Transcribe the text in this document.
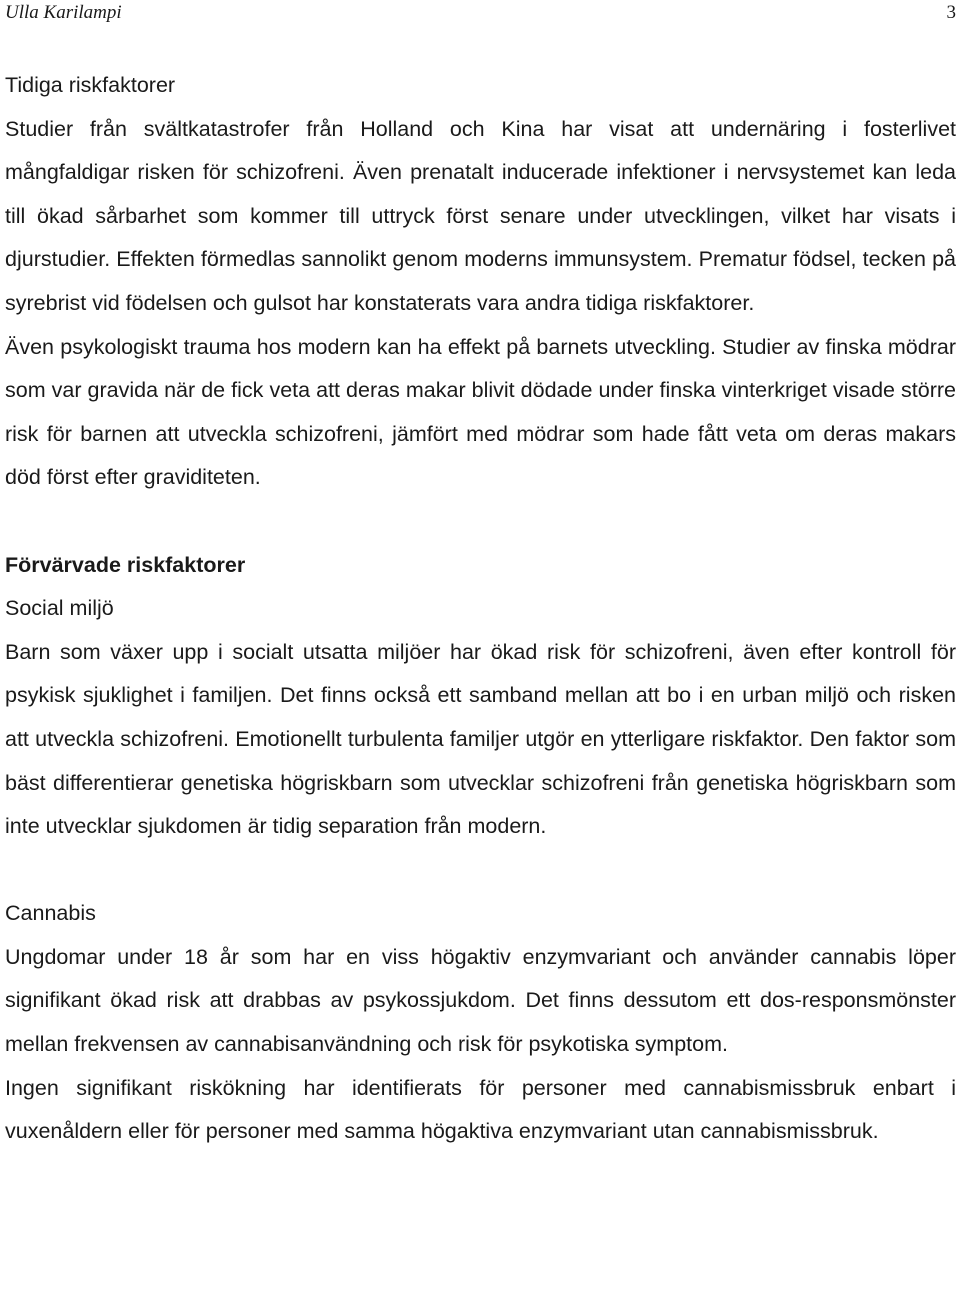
Ulla Karilampi	3

Tidiga riskfaktorer

Studier från svältkatastrofer från Holland och Kina har visat att undernäring i fosterlivet mångfaldigar risken för schizofreni. Även prenatalt inducerade infektioner i nervsystemet kan leda till ökad sårbarhet som kommer till uttryck först senare under utvecklingen, vilket har visats i djurstudier. Effekten förmedlas sannolikt genom moderns immunsystem. Prematur födsel, tecken på syrebrist vid födelsen och gulsot har konstaterats vara andra tidiga riskfaktorer.

Även psykologiskt trauma hos modern kan ha effekt på barnets utveckling. Studier av finska mödrar som var gravida när de fick veta att deras makar blivit dödade under finska vinterkriget visade större risk för barnen att utveckla schizofreni, jämfört med mödrar som hade fått veta om deras makars död först efter graviditeten.

Förvärvade riskfaktorer

Social miljö

Barn som växer upp i socialt utsatta miljöer har ökad risk för schizofreni, även efter kontroll för psykisk sjuklighet i familjen. Det finns också ett samband mellan att bo i en urban miljö och risken att utveckla schizofreni. Emotionellt turbulenta familjer utgör en ytterligare riskfaktor. Den faktor som bäst differentierar genetiska högriskbarn som utvecklar schizofreni från genetiska högriskbarn som inte utvecklar sjukdomen är tidig separation från modern.

Cannabis

Ungdomar under 18 år som har en viss högaktiv enzymvariant och använder cannabis löper signifikant ökad risk att drabbas av psykossjukdom. Det finns dessutom ett dos-responsmönster mellan frekvensen av cannabisanvändning och risk för psykotiska symptom.

Ingen signifikant riskökning har identifierats för personer med cannabismissbruk enbart i vuxenåldern eller för personer med samma högaktiva enzymvariant utan cannabismissbruk.
